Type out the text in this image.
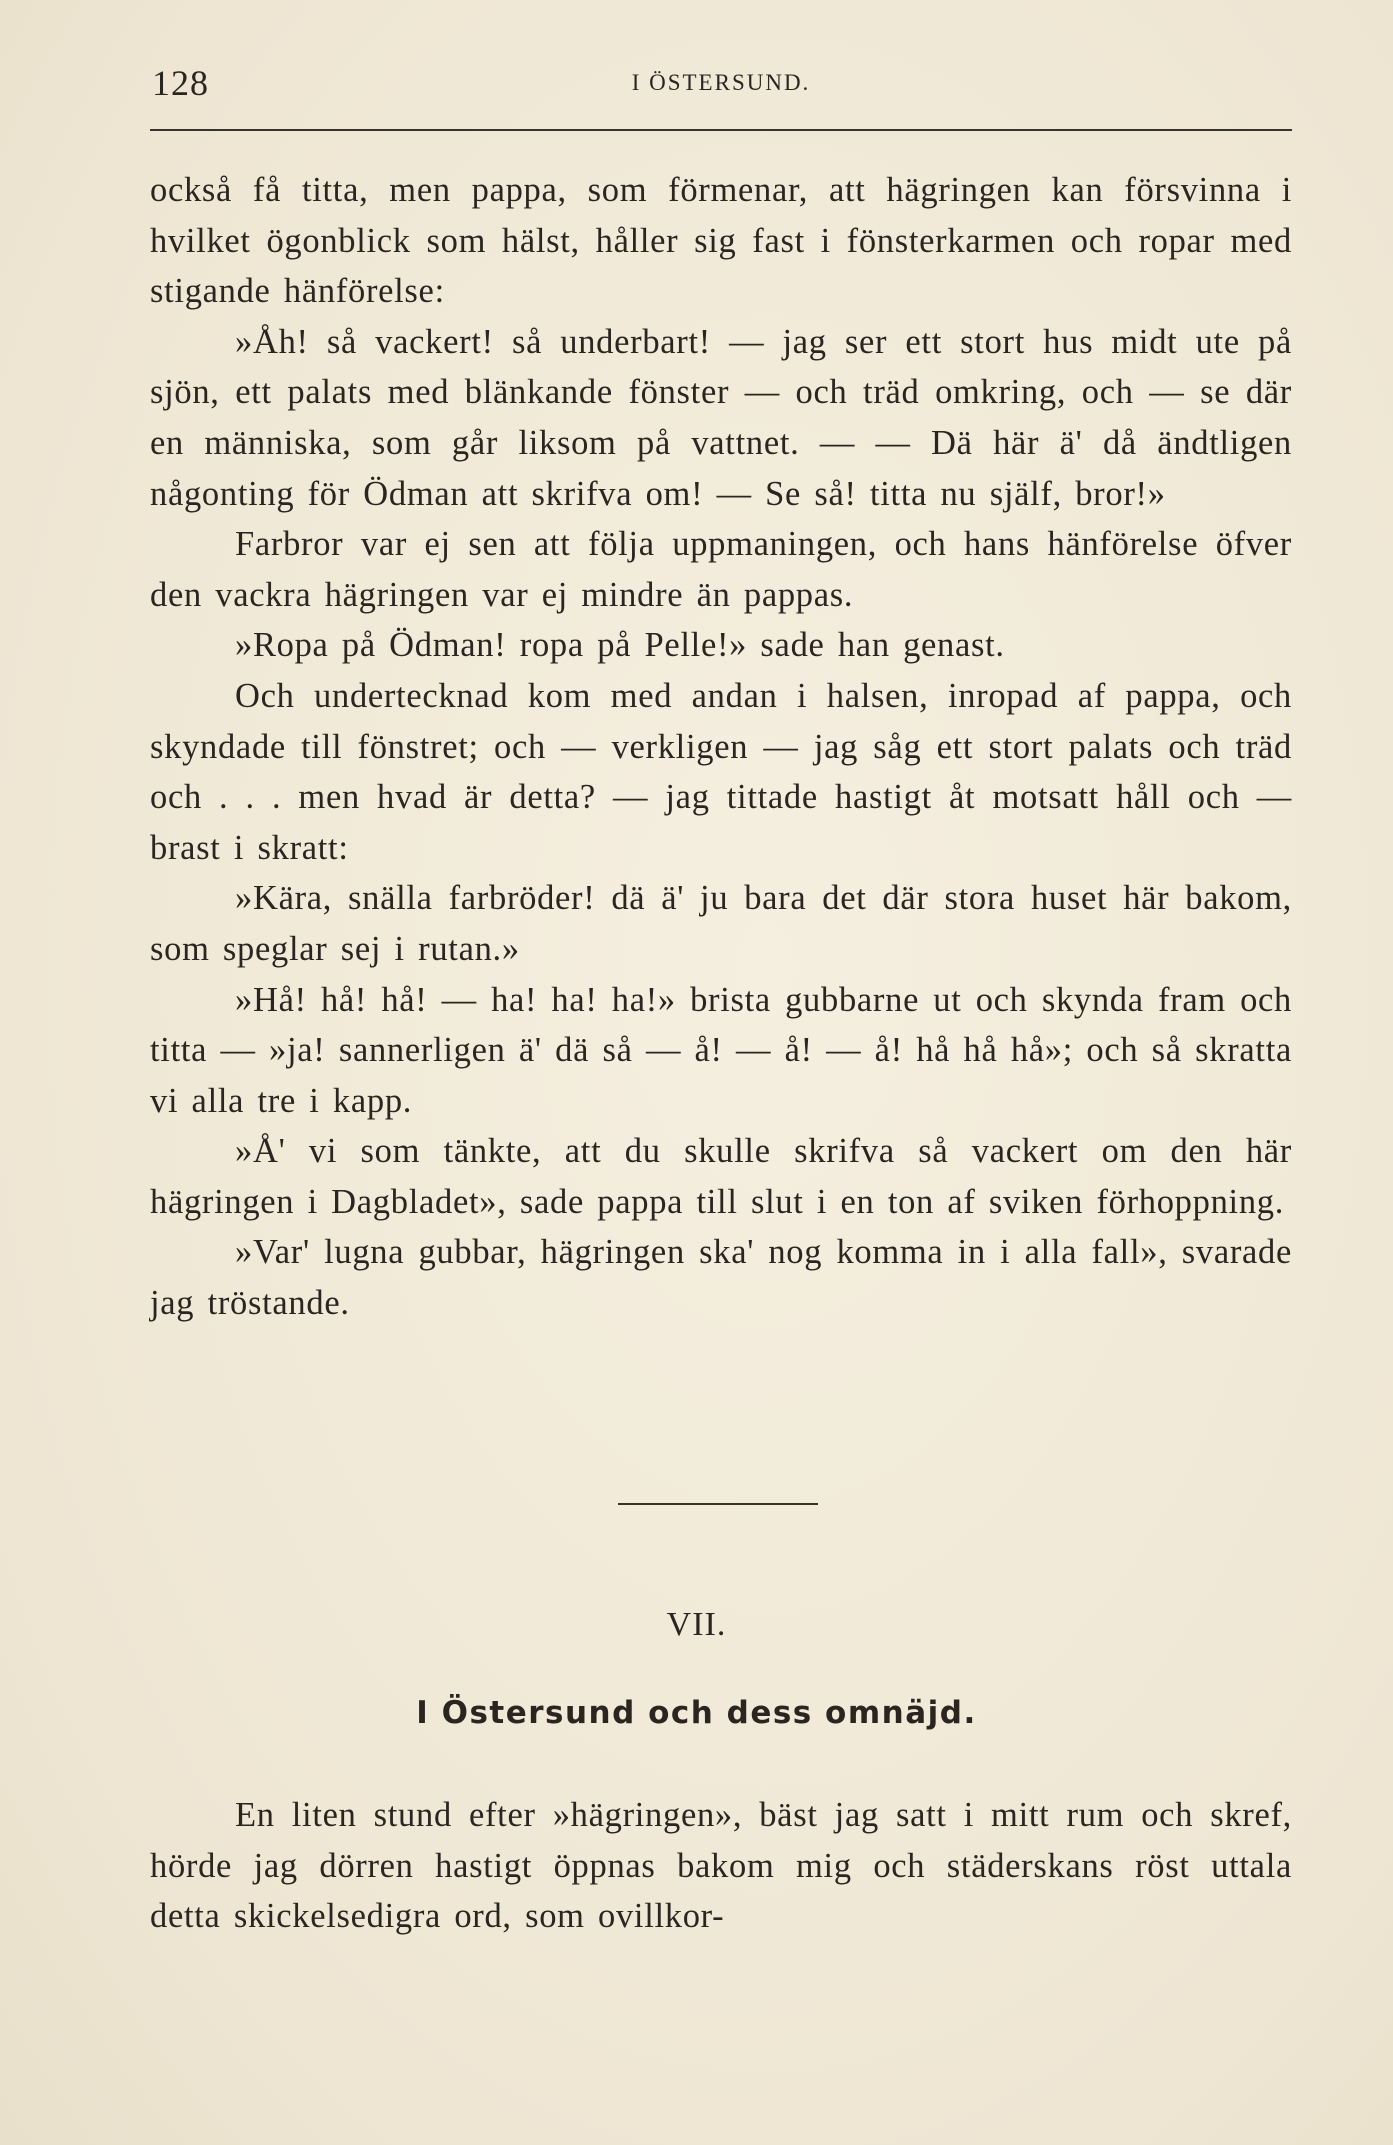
128	I ÖSTERSUND.

också få titta, men pappa, som förmenar, att hägringen kan försvinna i hvilket ögonblick som hälst, håller sig fast i fönsterkarmen och ropar med stigande hänförelse:

»Åh! så vackert! så underbart! — jag ser ett stort hus midt ute på sjön, ett palats med blänkande fönster — och träd omkring, och — se där en människa, som går liksom på vattnet. — — Dä här ä' då ändtligen någonting för Ödman att skrifva om! — Se så! titta nu själf, bror!»

Farbror var ej sen att följa uppmaningen, och hans hänförelse öfver den vackra hägringen var ej mindre än pappas.

»Ropa på Ödman! ropa på Pelle!» sade han genast.

Och undertecknad kom med andan i halsen, inropad af pappa, och skyndade till fönstret; och — verkligen — jag såg ett stort palats och träd och . . . men hvad är detta? — jag tittade hastigt åt motsatt håll och — brast i skratt:

»Kära, snälla farbröder! dä ä' ju bara det där stora huset här bakom, som speglar sej i rutan.»

»Hå! hå! hå! — ha! ha! ha!» brista gubbarne ut och skynda fram och titta — »ja! sannerligen ä' dä så — å! — å! — å! hå hå hå»; och så skratta vi alla tre i kapp.

»Å' vi som tänkte, att du skulle skrifva så vackert om den här hägringen i Dagbladet», sade pappa till slut i en ton af sviken förhoppning.

»Var' lugna gubbar, hägringen ska' nog komma in i alla fall», svarade jag tröstande.

VII.
I Östersund och dess omnäjd.

En liten stund efter »hägringen», bäst jag satt i mitt rum och skref, hörde jag dörren hastigt öppnas bakom mig och städerskans röst uttala detta skickelsedigra ord, som ovillkor-
